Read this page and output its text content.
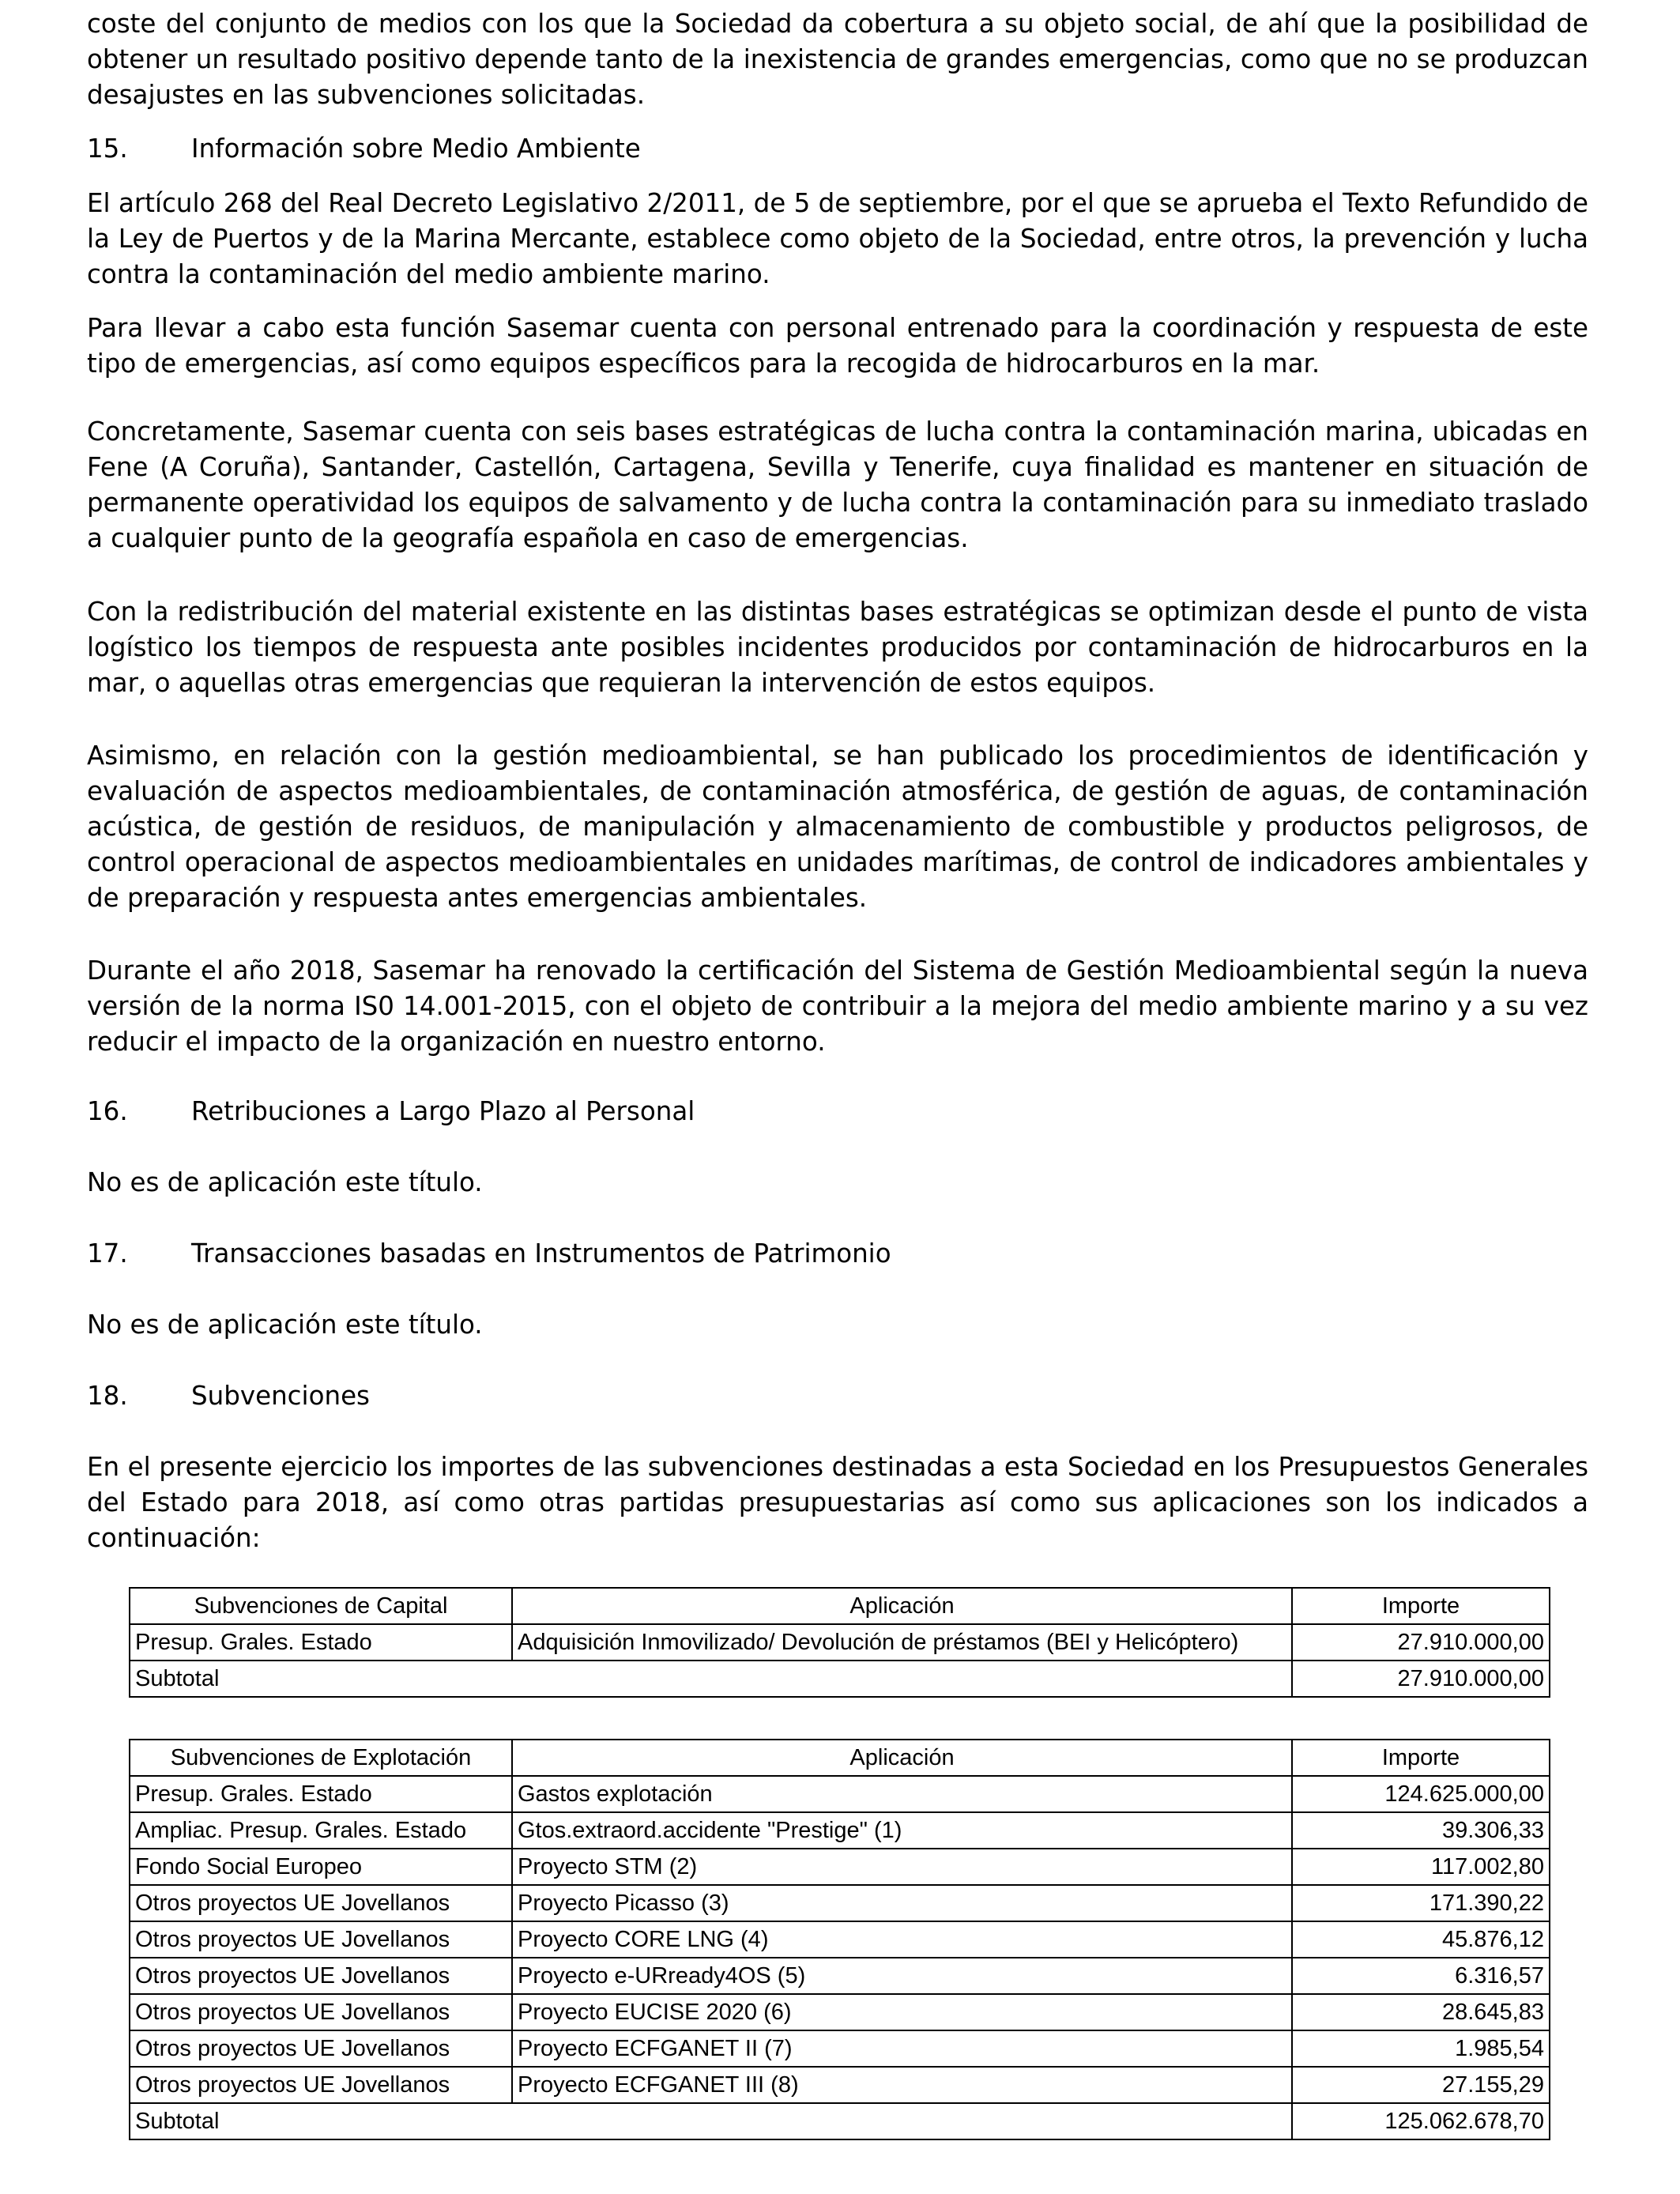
coste del conjunto de medios con los que la Sociedad da cobertura a su objeto social, de ahí que la posibilidad de obtener un resultado positivo depende tanto de la inexistencia de grandes emergencias, como que no se produzcan desajustes en las subvenciones solicitadas.

15. Información sobre Medio Ambiente

El artículo 268 del Real Decreto Legislativo 2/2011, de 5 de septiembre, por el que se aprueba el Texto Refundido de la Ley de Puertos y de la Marina Mercante, establece como objeto de la Sociedad, entre otros, la prevención y lucha contra la contaminación del medio ambiente marino.

Para llevar a cabo esta función Sasemar cuenta con personal entrenado para la coordinación y respuesta de este tipo de emergencias, así como equipos específicos para la recogida de hidrocarburos en la mar.

Concretamente, Sasemar cuenta con seis bases estratégicas de lucha contra la contaminación marina, ubicadas en Fene (A Coruña), Santander, Castellón, Cartagena, Sevilla y Tenerife, cuya finalidad es mantener en situación de permanente operatividad los equipos de salvamento y de lucha contra la contaminación para su inmediato traslado a cualquier punto de la geografía española en caso de emergencias.

Con la redistribución del material existente en las distintas bases estratégicas se optimizan desde el punto de vista logístico los tiempos de respuesta ante posibles incidentes producidos por contaminación de hidrocarburos en la mar, o aquellas otras emergencias que requieran la intervención de estos equipos.

Asimismo, en relación con la gestión medioambiental, se han publicado los procedimientos de identificación y evaluación de aspectos medioambientales, de contaminación atmosférica, de gestión de aguas, de contaminación acústica, de gestión de residuos, de manipulación y almacenamiento de combustible y productos peligrosos, de control operacional de aspectos medioambientales en unidades marítimas, de control de indicadores ambientales y de preparación y respuesta antes emergencias ambientales.

Durante el año 2018, Sasemar ha renovado la certificación del Sistema de Gestión Medioambiental según la nueva versión de la norma IS0 14.001-2015, con el objeto de contribuir a la mejora del medio ambiente marino y a su vez reducir el impacto de la organización en nuestro entorno.

16. Retribuciones a Largo Plazo al Personal

No es de aplicación este título.

17. Transacciones basadas en Instrumentos de Patrimonio

No es de aplicación este título.

18. Subvenciones

En el presente ejercicio los importes de las subvenciones destinadas a esta Sociedad en los Presupuestos Generales del Estado para 2018, así como otras partidas presupuestarias así como sus aplicaciones son los indicados a continuación:

Subvenciones de Capital	Aplicación	Importe
Presup. Grales. Estado	Adquisición Inmovilizado/ Devolución de préstamos (BEI y Helicóptero)	27.910.000,00
Subtotal		27.910.000,00
Subvenciones de Explotación	Aplicación	Importe
Presup. Grales. Estado	Gastos explotación	124.625.000,00
Ampliac. Presup. Grales. Estado	Gtos.extraord.accidente "Prestige" (1)	39.306,33
Fondo Social Europeo	Proyecto STM (2)	117.002,80
Otros proyectos UE Jovellanos	Proyecto Picasso (3)	171.390,22
Otros proyectos UE Jovellanos	Proyecto CORE LNG (4)	45.876,12
Otros proyectos UE Jovellanos	Proyecto e-URready4OS (5)	6.316,57
Otros proyectos UE Jovellanos	Proyecto EUCISE 2020 (6)	28.645,83
Otros proyectos UE Jovellanos	Proyecto ECFGANET II (7)	1.985,54
Otros proyectos UE Jovellanos	Proyecto ECFGANET III (8)	27.155,29
Subtotal		125.062.678,70
